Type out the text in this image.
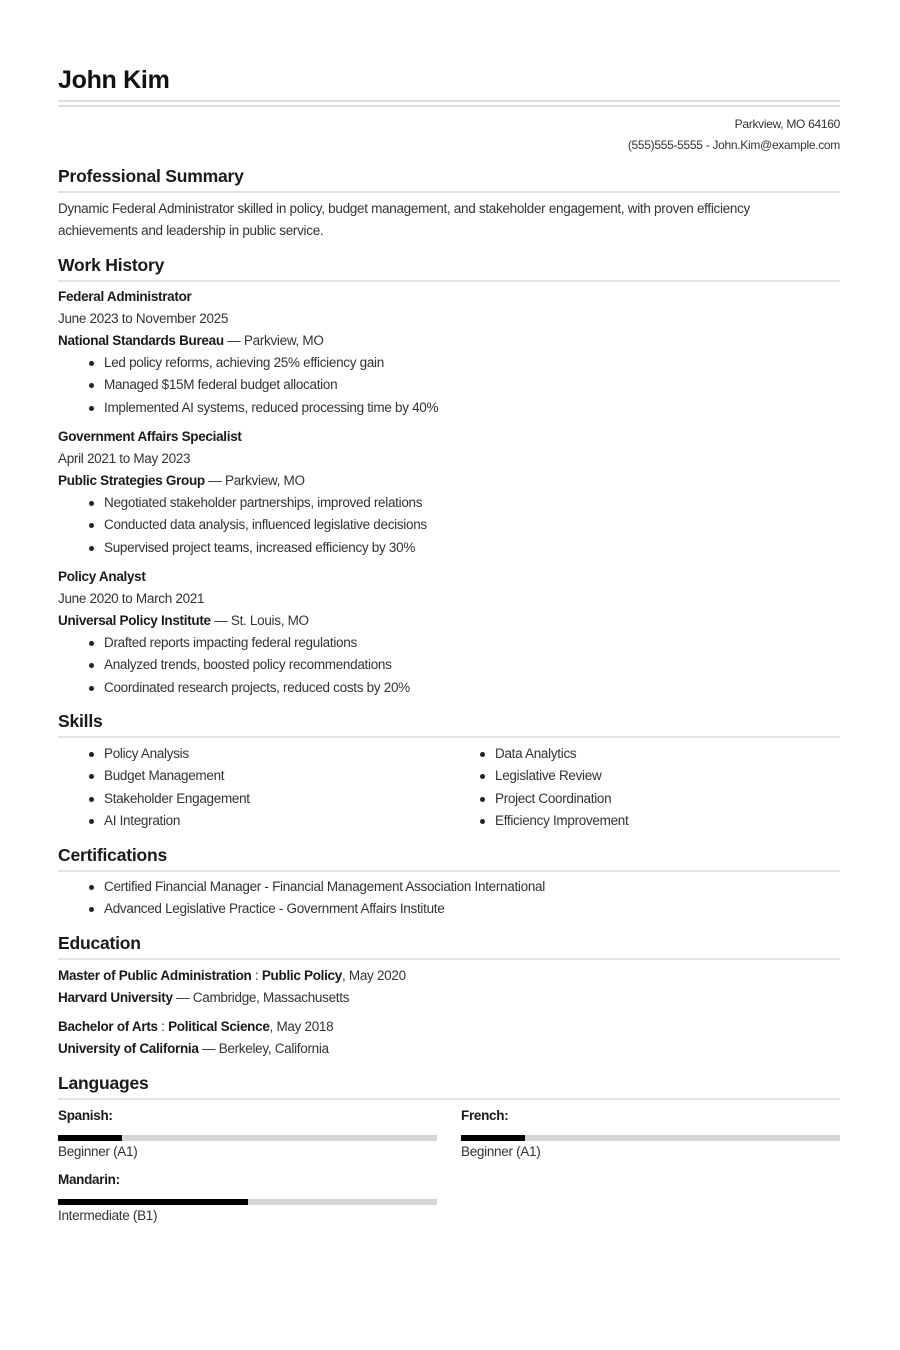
John Kim
Parkview, MO 64160
(555)555-5555 - John.Kim@example.com
Professional Summary
Dynamic Federal Administrator skilled in policy, budget management, and stakeholder engagement, with proven efficiency achievements and leadership in public service.
Work History
Federal Administrator
June 2023 to November 2025
National Standards Bureau — Parkview, MO
Led policy reforms, achieving 25% efficiency gain
Managed $15M federal budget allocation
Implemented AI systems, reduced processing time by 40%
Government Affairs Specialist
April 2021 to May 2023
Public Strategies Group — Parkview, MO
Negotiated stakeholder partnerships, improved relations
Conducted data analysis, influenced legislative decisions
Supervised project teams, increased efficiency by 30%
Policy Analyst
June 2020 to March 2021
Universal Policy Institute — St. Louis, MO
Drafted reports impacting federal regulations
Analyzed trends, boosted policy recommendations
Coordinated research projects, reduced costs by 20%
Skills
Policy Analysis
Budget Management
Stakeholder Engagement
AI Integration
Data Analytics
Legislative Review
Project Coordination
Efficiency Improvement
Certifications
Certified Financial Manager - Financial Management Association International
Advanced Legislative Practice - Government Affairs Institute
Education
Master of Public Administration : Public Policy, May 2020
Harvard University — Cambridge, Massachusetts
Bachelor of Arts : Political Science, May 2018
University of California — Berkeley, California
Languages
Spanish:
Beginner (A1)
French:
Beginner (A1)
Mandarin:
Intermediate (B1)
